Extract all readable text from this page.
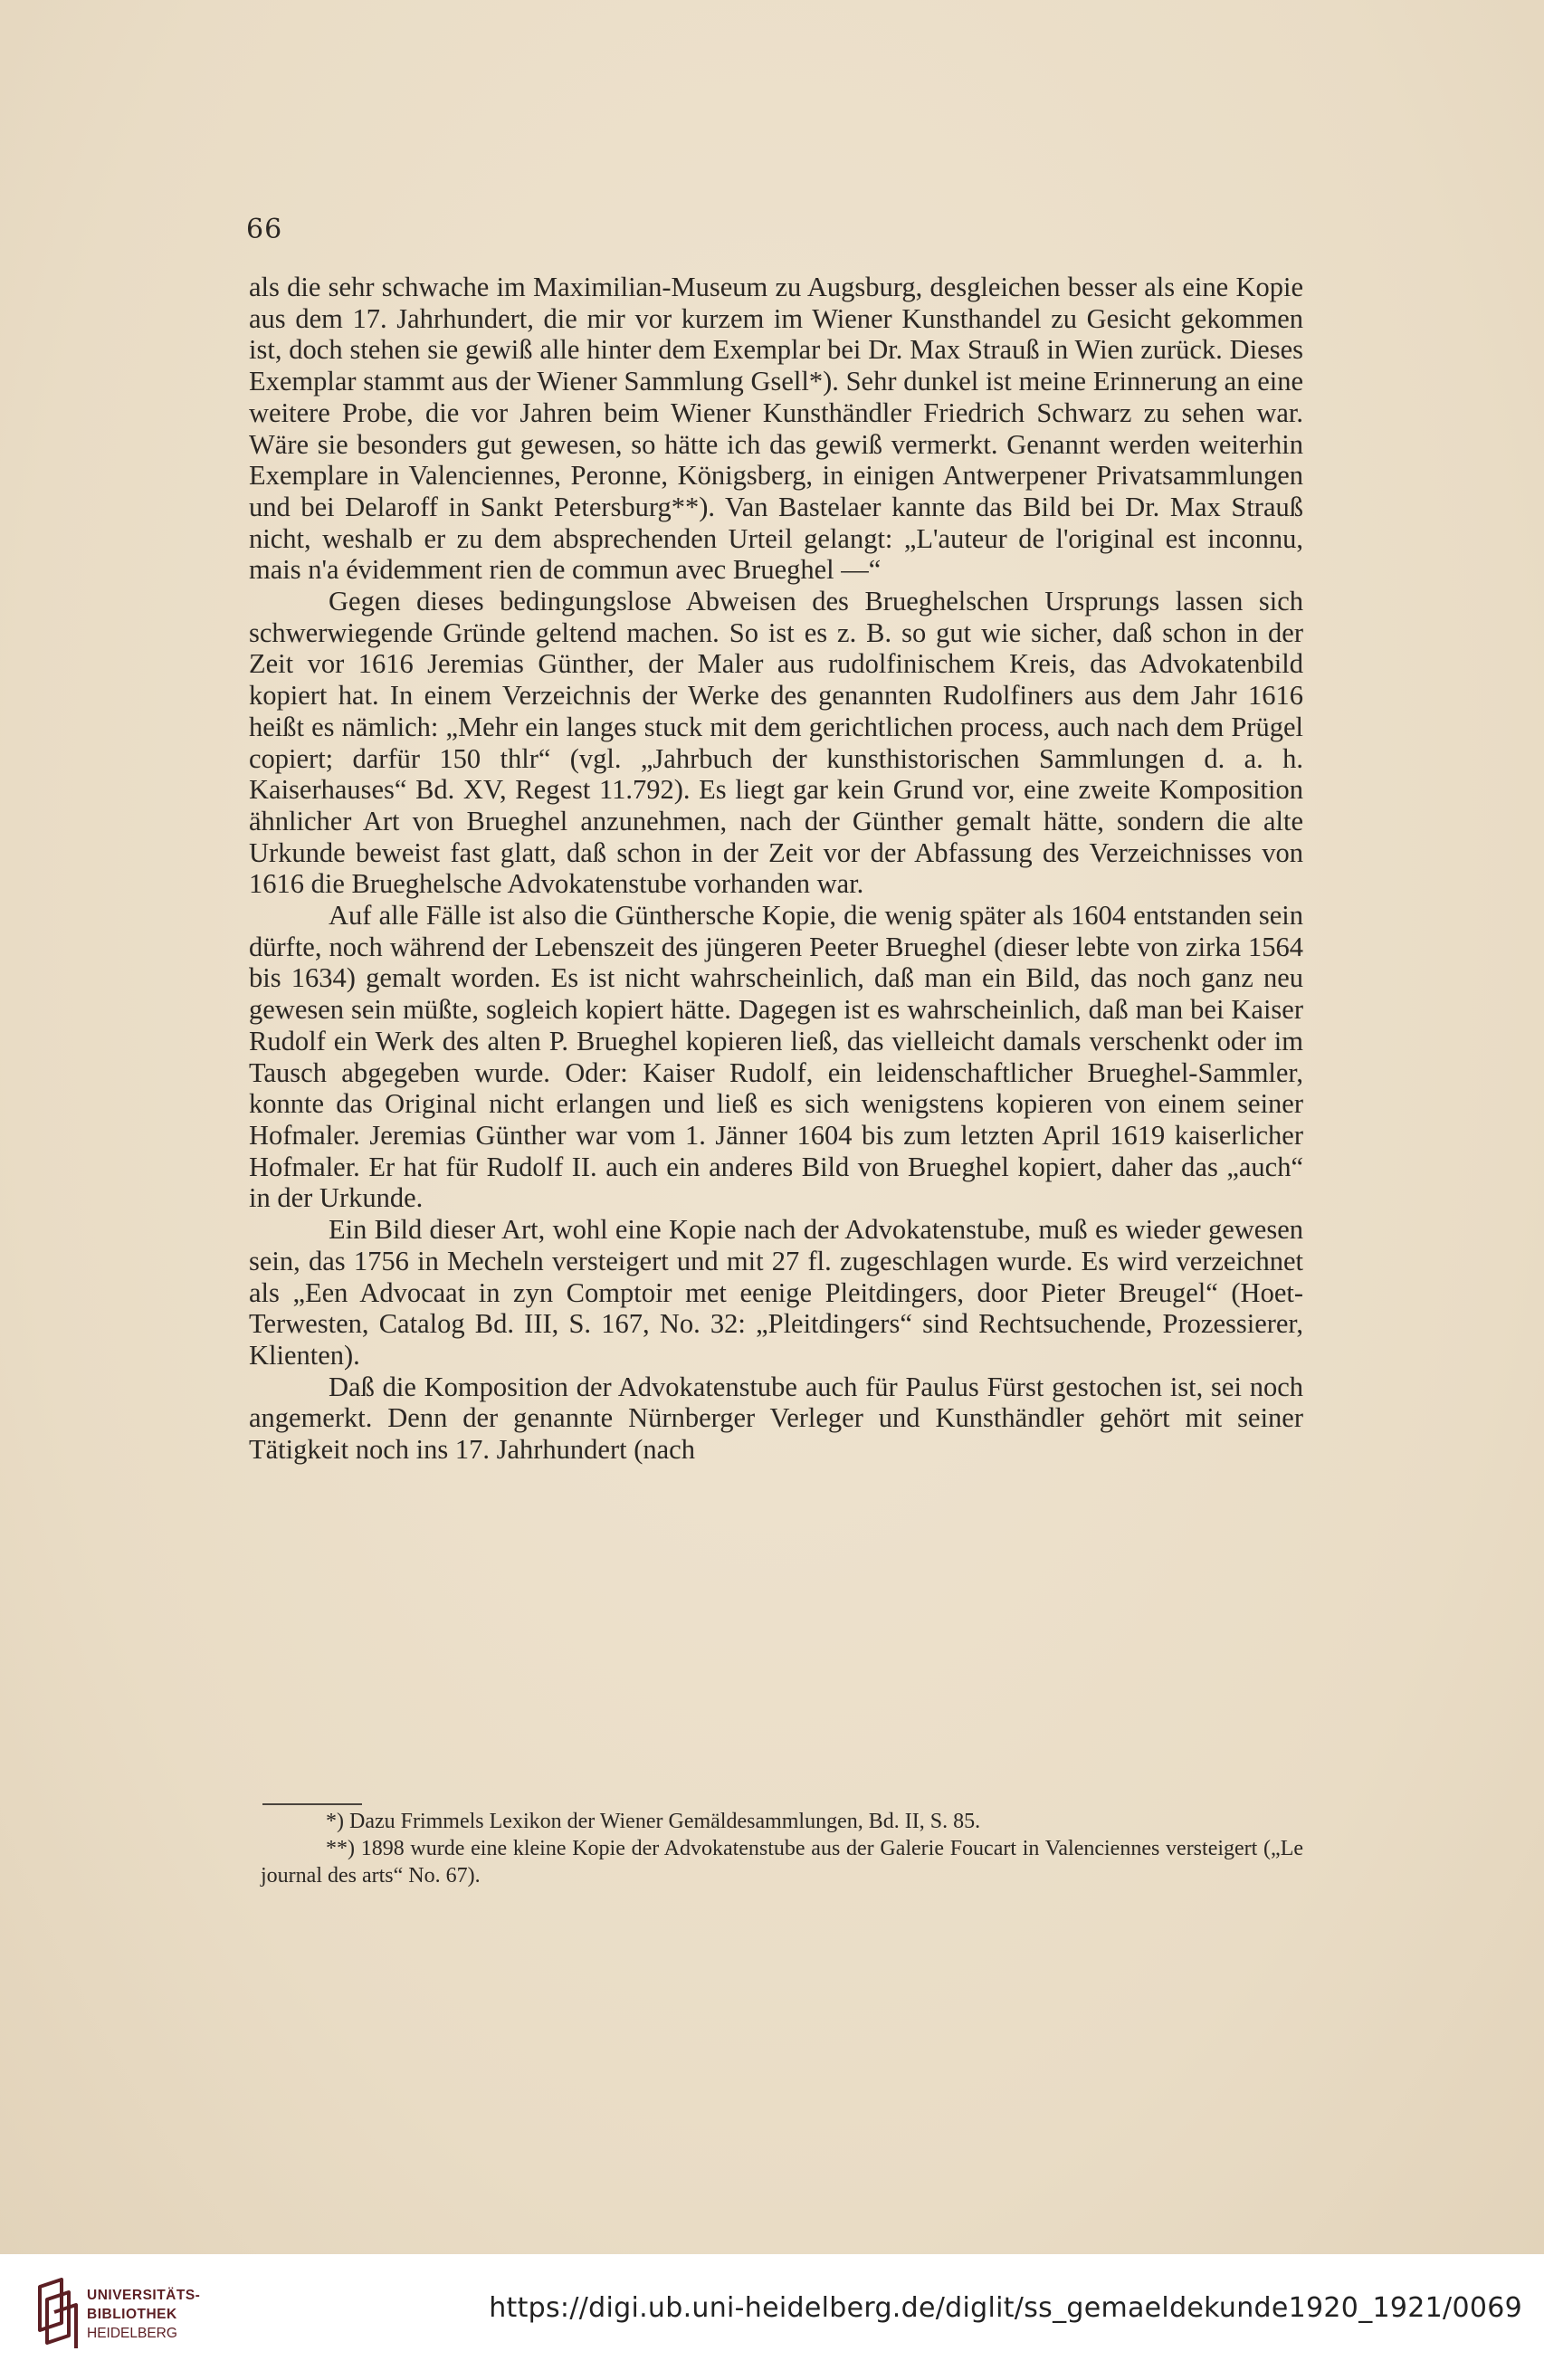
66

als die sehr schwache im Maximilian-Museum zu Augsburg, desgleichen besser als eine Kopie aus dem 17. Jahrhundert, die mir vor kurzem im Wiener Kunsthandel zu Gesicht gekommen ist, doch stehen sie gewiß alle hinter dem Exemplar bei Dr. Max Strauß in Wien zurück. Dieses Exemplar stammt aus der Wiener Sammlung Gsell*). Sehr dunkel ist meine Erinnerung an eine weitere Probe, die vor Jahren beim Wiener Kunsthändler Friedrich Schwarz zu sehen war. Wäre sie besonders gut gewesen, so hätte ich das gewiß vermerkt. Genannt werden weiterhin Exemplare in Valenciennes, Peronne, Königsberg, in einigen Antwerpener Privatsammlungen und bei Delaroff in Sankt Petersburg**). Van Bastelaer kannte das Bild bei Dr. Max Strauß nicht, weshalb er zu dem absprechenden Urteil gelangt: „L'auteur de l'original est inconnu, mais n'a évidemment rien de commun avec Brueghel —“

Gegen dieses bedingungslose Abweisen des Brueghelschen Ursprungs lassen sich schwerwiegende Gründe geltend machen. So ist es z. B. so gut wie sicher, daß schon in der Zeit vor 1616 Jeremias Günther, der Maler aus rudolfinischem Kreis, das Advokatenbild kopiert hat. In einem Verzeichnis der Werke des genannten Rudolfiners aus dem Jahr 1616 heißt es nämlich: „Mehr ein langes stuck mit dem gerichtlichen process, auch nach dem Prügel copiert; darfür 150 thlr“ (vgl. „Jahrbuch der kunsthistorischen Sammlungen d. a. h. Kaiserhauses“ Bd. XV, Regest 11.792). Es liegt gar kein Grund vor, eine zweite Komposition ähnlicher Art von Brueghel anzunehmen, nach der Günther gemalt hätte, sondern die alte Urkunde beweist fast glatt, daß schon in der Zeit vor der Abfassung des Verzeichnisses von 1616 die Brueghelsche Advokatenstube vorhanden war.

Auf alle Fälle ist also die Günthersche Kopie, die wenig später als 1604 entstanden sein dürfte, noch während der Lebenszeit des jüngeren Peeter Brueghel (dieser lebte von zirka 1564 bis 1634) gemalt worden. Es ist nicht wahrscheinlich, daß man ein Bild, das noch ganz neu gewesen sein müßte, sogleich kopiert hätte. Dagegen ist es wahrscheinlich, daß man bei Kaiser Rudolf ein Werk des alten P. Brueghel kopieren ließ, das vielleicht damals verschenkt oder im Tausch abgegeben wurde. Oder: Kaiser Rudolf, ein leidenschaftlicher Brueghel-Sammler, konnte das Original nicht erlangen und ließ es sich wenigstens kopieren von einem seiner Hofmaler. Jeremias Günther war vom 1. Jänner 1604 bis zum letzten April 1619 kaiserlicher Hofmaler. Er hat für Rudolf II. auch ein anderes Bild von Brueghel kopiert, daher das „auch“ in der Urkunde.

Ein Bild dieser Art, wohl eine Kopie nach der Advokatenstube, muß es wieder gewesen sein, das 1756 in Mecheln versteigert und mit 27 fl. zugeschlagen wurde. Es wird verzeichnet als „Een Advocaat in zyn Comptoir met eenige Pleitdingers, door Pieter Breugel“ (Hoet-Terwesten, Catalog Bd. III, S. 167, No. 32: „Pleitdingers“ sind Rechtsuchende, Prozessierer, Klienten).

Daß die Komposition der Advokatenstube auch für Paulus Fürst gestochen ist, sei noch angemerkt. Denn der genannte Nürnberger Verleger und Kunsthändler gehört mit seiner Tätigkeit noch ins 17. Jahrhundert (nach

*) Dazu Frimmels Lexikon der Wiener Gemäldesammlungen, Bd. II, S. 85.

**) 1898 wurde eine kleine Kopie der Advokatenstube aus der Galerie Foucart in Valenciennes versteigert („Le journal des arts“ No. 67).

UNIVERSITÄTS-
BIBLIOTHEK
HEIDELBERG
https://digi.ub.uni-heidelberg.de/diglit/ss_gemaeldekunde1920_1921/0069
